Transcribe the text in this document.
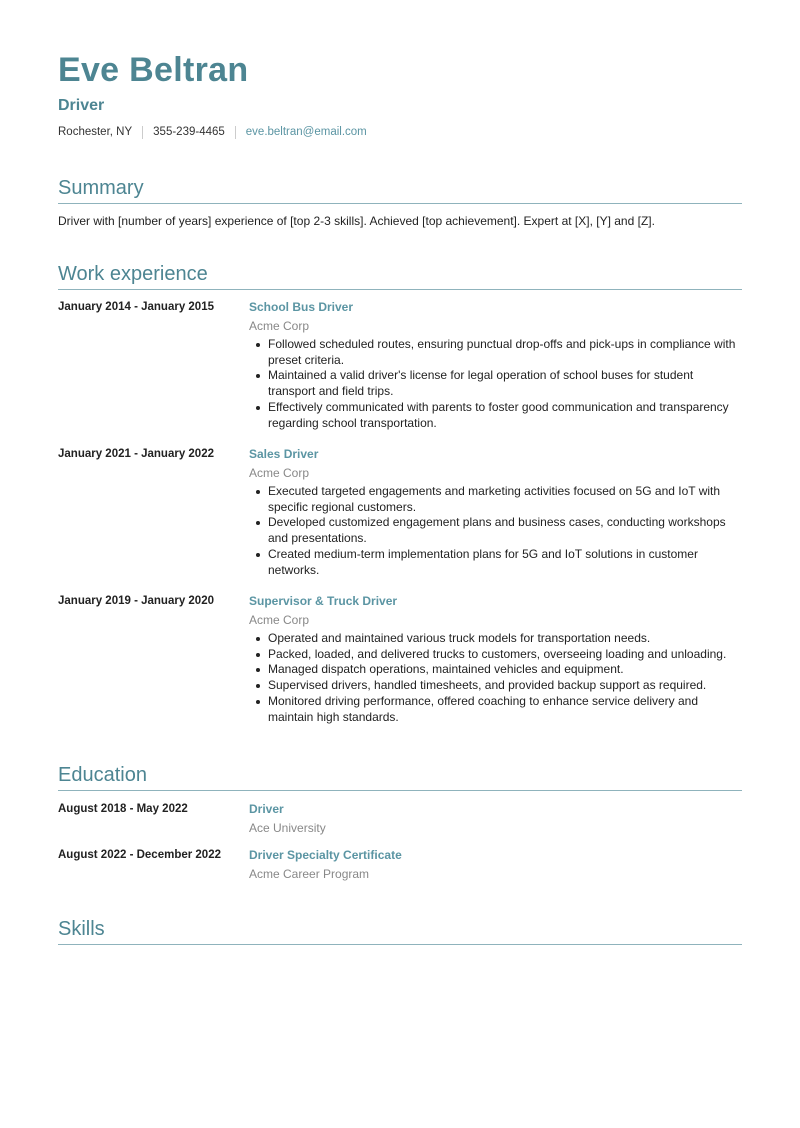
Eve Beltran
Driver
Rochester, NY 355-239-4465 eve.beltran@email.com
Summary
Driver with [number of years] experience of [top 2-3 skills]. Achieved [top achievement]. Expert at [X], [Y] and [Z].
Work experience
January 2014 - January 2015	School Bus Driver
Acme Corp
Followed scheduled routes, ensuring punctual drop-offs and pick-ups in compliance with preset criteria.
Maintained a valid driver's license for legal operation of school buses for student transport and field trips.
Effectively communicated with parents to foster good communication and transparency regarding school transportation.
January 2021 - January 2022	Sales Driver
Acme Corp
Executed targeted engagements and marketing activities focused on 5G and IoT with specific regional customers.
Developed customized engagement plans and business cases, conducting workshops and presentations.
Created medium-term implementation plans for 5G and IoT solutions in customer networks.
January 2019 - January 2020	Supervisor & Truck Driver
Acme Corp
Operated and maintained various truck models for transportation needs.
Packed, loaded, and delivered trucks to customers, overseeing loading and unloading.
Managed dispatch operations, maintained vehicles and equipment.
Supervised drivers, handled timesheets, and provided backup support as required.
Monitored driving performance, offered coaching to enhance service delivery and maintain high standards.
Education
August 2018 - May 2022	Driver
Ace University
August 2022 - December 2022	Driver Specialty Certificate
Acme Career Program
Skills
